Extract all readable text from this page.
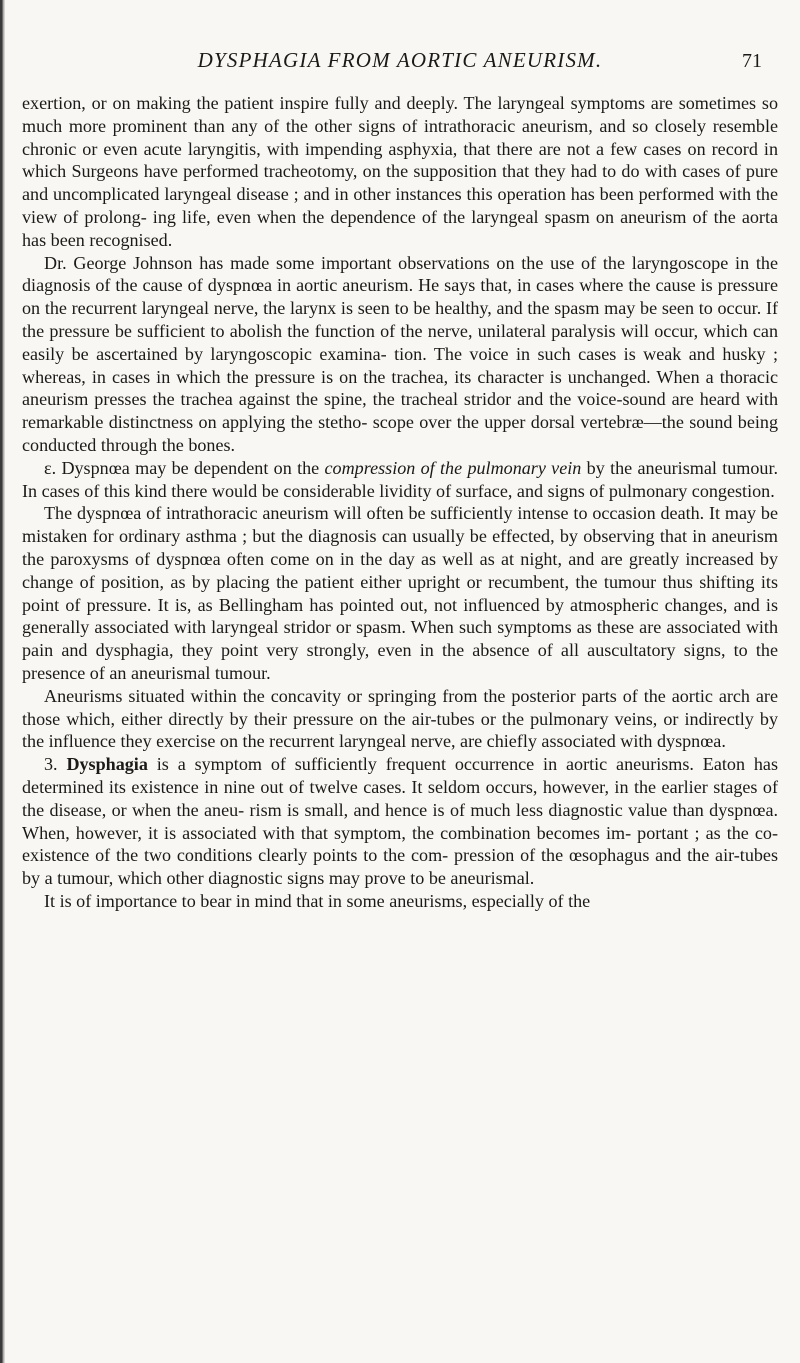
DYSPHAGIA FROM AORTIC ANEURISM.	71

exertion, or on making the patient inspire fully and deeply. The laryngeal symptoms are sometimes so much more prominent than any of the other signs of intrathoracic aneurism, and so closely resemble chronic or even acute laryngitis, with impending asphyxia, that there are not a few cases on record in which Surgeons have performed tracheotomy, on the supposition that they had to do with cases of pure and uncomplicated laryngeal disease ; and in other instances this operation has been performed with the view of prolong- ing life, even when the dependence of the laryngeal spasm on aneurism of the aorta has been recognised.

Dr. George Johnson has made some important observations on the use of the laryngoscope in the diagnosis of the cause of dyspnœa in aortic aneurism. He says that, in cases where the cause is pressure on the recurrent laryngeal nerve, the larynx is seen to be healthy, and the spasm may be seen to occur. If the pressure be sufficient to abolish the function of the nerve, unilateral paralysis will occur, which can easily be ascertained by laryngoscopic examina- tion. The voice in such cases is weak and husky ; whereas, in cases in which the pressure is on the trachea, its character is unchanged. When a thoracic aneurism presses the trachea against the spine, the tracheal stridor and the voice-sound are heard with remarkable distinctness on applying the stetho- scope over the upper dorsal vertebræ—the sound being conducted through the bones.

ε. Dyspnœa may be dependent on the compression of the pulmonary vein by the aneurismal tumour. In cases of this kind there would be considerable lividity of surface, and signs of pulmonary congestion.

The dyspnœa of intrathoracic aneurism will often be sufficiently intense to occasion death. It may be mistaken for ordinary asthma ; but the diagnosis can usually be effected, by observing that in aneurism the paroxysms of dyspnœa often come on in the day as well as at night, and are greatly increased by change of position, as by placing the patient either upright or recumbent, the tumour thus shifting its point of pressure. It is, as Bellingham has pointed out, not influenced by atmospheric changes, and is generally associated with laryngeal stridor or spasm. When such symptoms as these are associated with pain and dysphagia, they point very strongly, even in the absence of all auscultatory signs, to the presence of an aneurismal tumour.

Aneurisms situated within the concavity or springing from the posterior parts of the aortic arch are those which, either directly by their pressure on the air-tubes or the pulmonary veins, or indirectly by the influence they exercise on the recurrent laryngeal nerve, are chiefly associated with dyspnœa.

3. Dysphagia is a symptom of sufficiently frequent occurrence in aortic aneurisms. Eaton has determined its existence in nine out of twelve cases. It seldom occurs, however, in the earlier stages of the disease, or when the aneu- rism is small, and hence is of much less diagnostic value than dyspnœa. When, however, it is associated with that symptom, the combination becomes im- portant ; as the co-existence of the two conditions clearly points to the com- pression of the œsophagus and the air-tubes by a tumour, which other diagnostic signs may prove to be aneurismal.

It is of importance to bear in mind that in some aneurisms, especially of the
